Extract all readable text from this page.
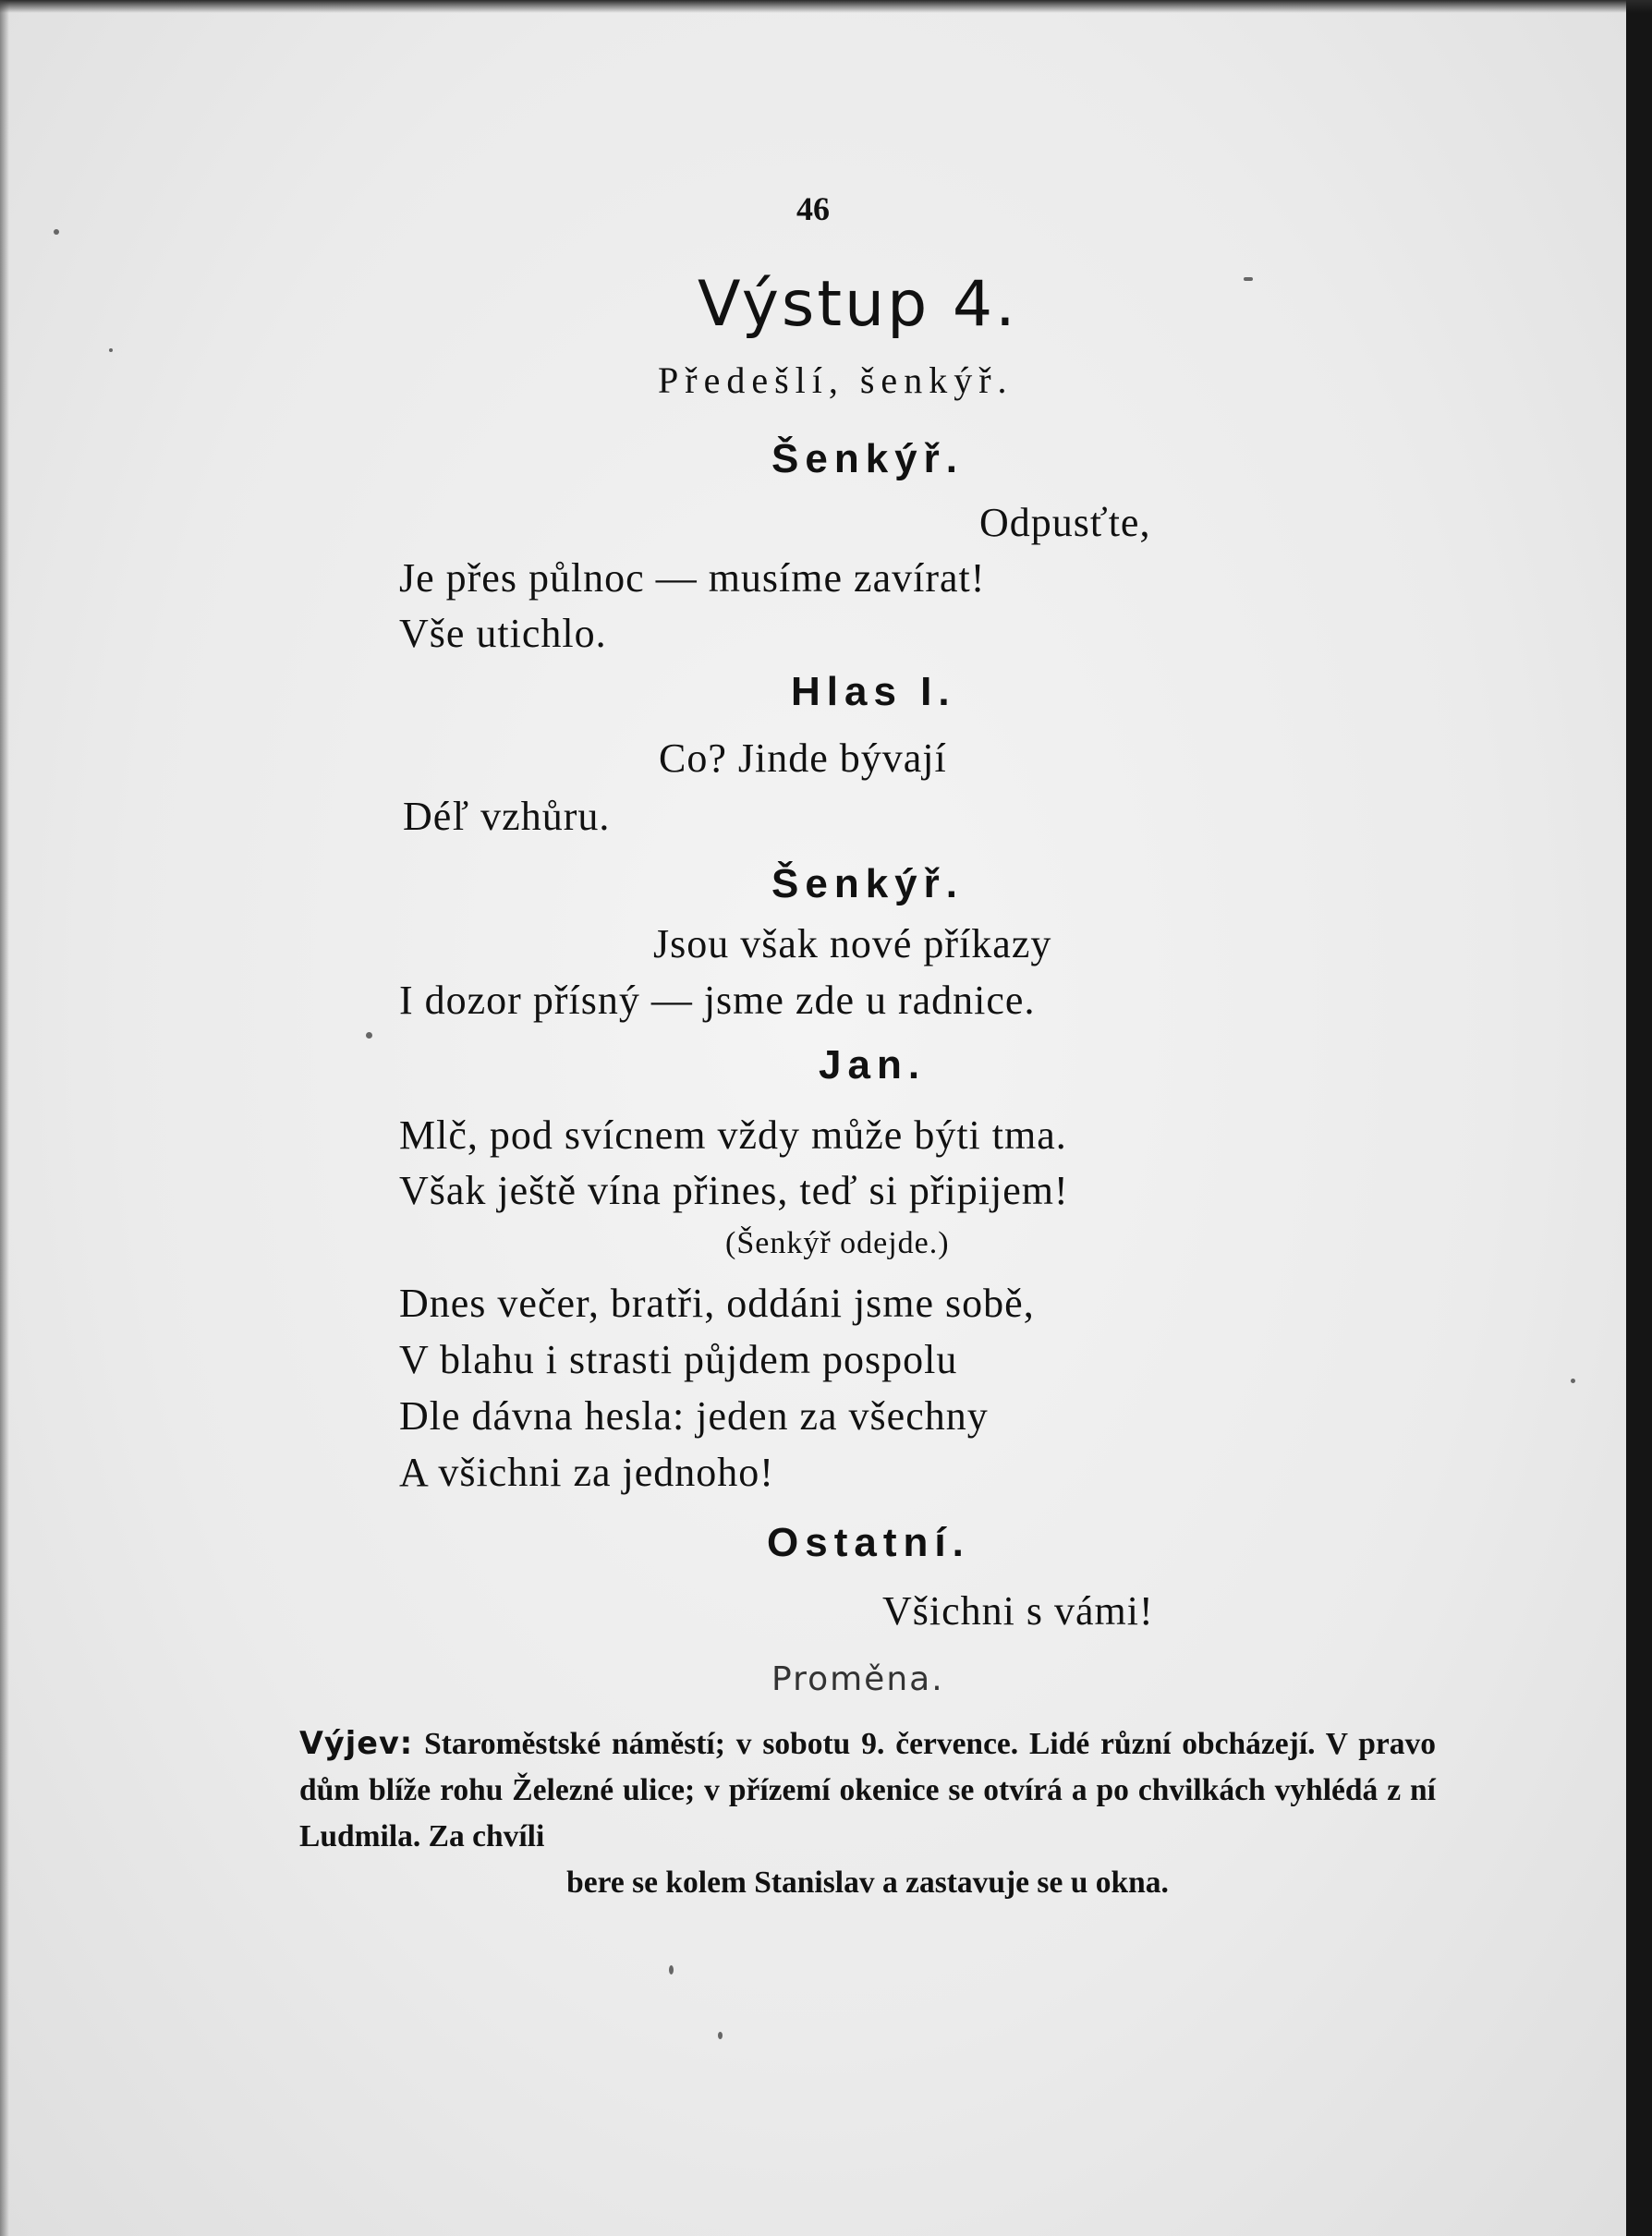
46
Výstup 4.
Předešlí, šenkýř.
Šenkýř.
Odpusťte,
Je přes půlnoc — musíme zavírat!
Vše utichlo.
Hlas I.
Co? Jinde bývají
Déľ vzhůru.
Šenkýř.
Jsou však nové příkazy
I dozor přísný — jsme zde u radnice.
Jan.
Mlč, pod svícnem vždy může býti tma.
Však ještě vína přines, teď si připijem!
(Šenkýř odejde.)
Dnes večer, bratři, oddáni jsme sobě,
V blahu i strasti půjdem pospolu
Dle dávna hesla: jeden za všechny
A všichni za jednoho!
Ostatní.
Všichni s vámi!
Proměna.
Výjev: Staroměstské náměstí; v sobotu 9. července. Lidé různí obcházejí. V pravo dům blíže rohu Železné ulice; v přízemí okenice se otvírá a po chvilkách vyhlédá z ní Ludmila. Za chvíli
bere se kolem Stanislav a zastavuje se u okna.
